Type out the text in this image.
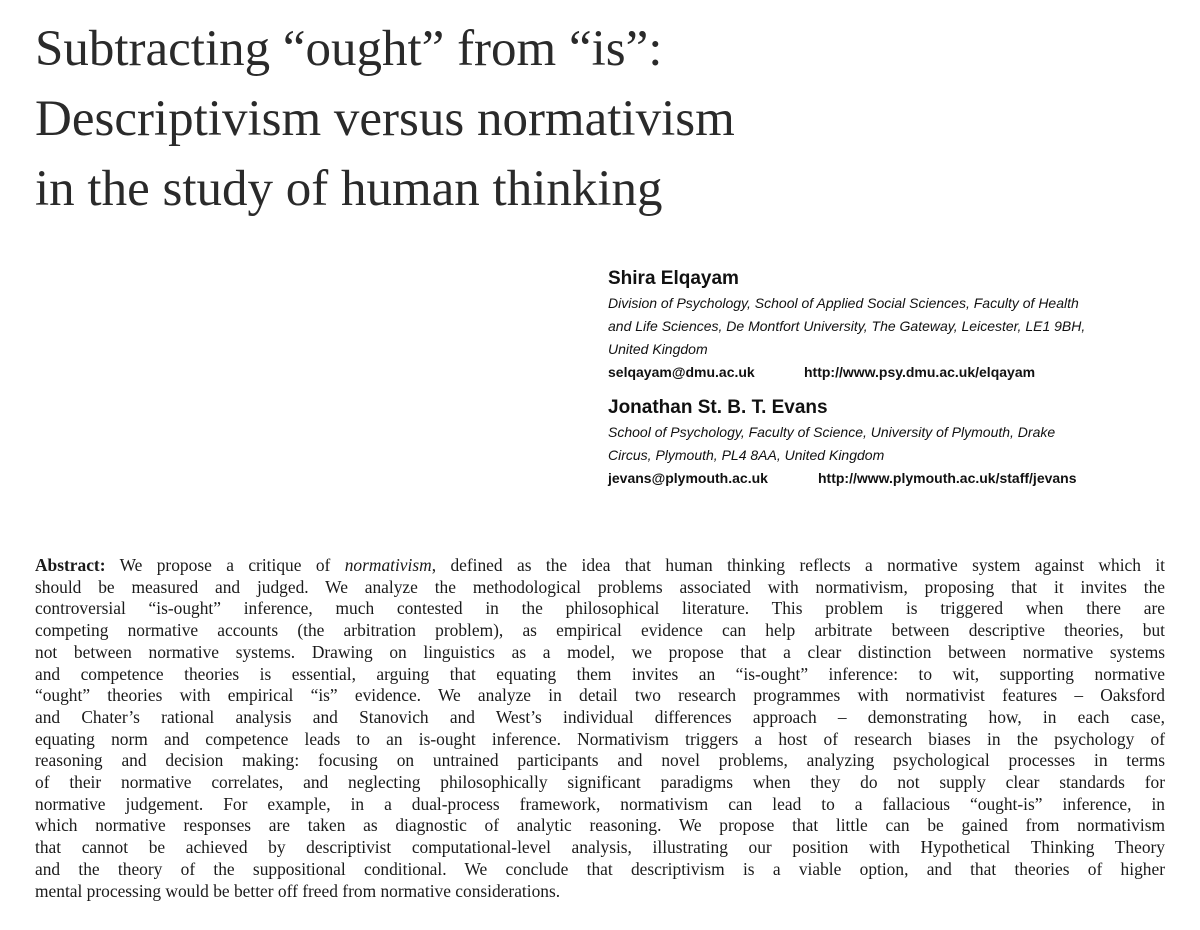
Subtracting “ought” from “is”:
Descriptivism versus normativism
in the study of human thinking
Shira Elqayam
Division of Psychology, School of Applied Social Sciences, Faculty of Health
and Life Sciences, De Montfort University, The Gateway, Leicester, LE1 9BH,
United Kingdom
selqayam@dmu.ac.uk	http://www.psy.dmu.ac.uk/elqayam
Jonathan St. B. T. Evans
School of Psychology, Faculty of Science, University of Plymouth, Drake
Circus, Plymouth, PL4 8AA, United Kingdom
jevans@plymouth.ac.uk	http://www.plymouth.ac.uk/staff/jevans
Abstract: We propose a critique of normativism, defined as the idea that human thinking reflects a normative system against which it
should be measured and judged. We analyze the methodological problems associated with normativism, proposing that it invites the
controversial “is-ought” inference, much contested in the philosophical literature. This problem is triggered when there are
competing normative accounts (the arbitration problem), as empirical evidence can help arbitrate between descriptive theories, but
not between normative systems. Drawing on linguistics as a model, we propose that a clear distinction between normative systems
and competence theories is essential, arguing that equating them invites an “is-ought” inference: to wit, supporting normative
“ought” theories with empirical “is” evidence. We analyze in detail two research programmes with normativist features – Oaksford
and Chater’s rational analysis and Stanovich and West’s individual differences approach – demonstrating how, in each case,
equating norm and competence leads to an is-ought inference. Normativism triggers a host of research biases in the psychology of
reasoning and decision making: focusing on untrained participants and novel problems, analyzing psychological processes in terms
of their normative correlates, and neglecting philosophically significant paradigms when they do not supply clear standards for
normative judgement. For example, in a dual-process framework, normativism can lead to a fallacious “ought-is” inference, in
which normative responses are taken as diagnostic of analytic reasoning. We propose that little can be gained from normativism
that cannot be achieved by descriptivist computational-level analysis, illustrating our position with Hypothetical Thinking Theory
and the theory of the suppositional conditional. We conclude that descriptivism is a viable option, and that theories of higher
mental processing would be better off freed from normative considerations.
